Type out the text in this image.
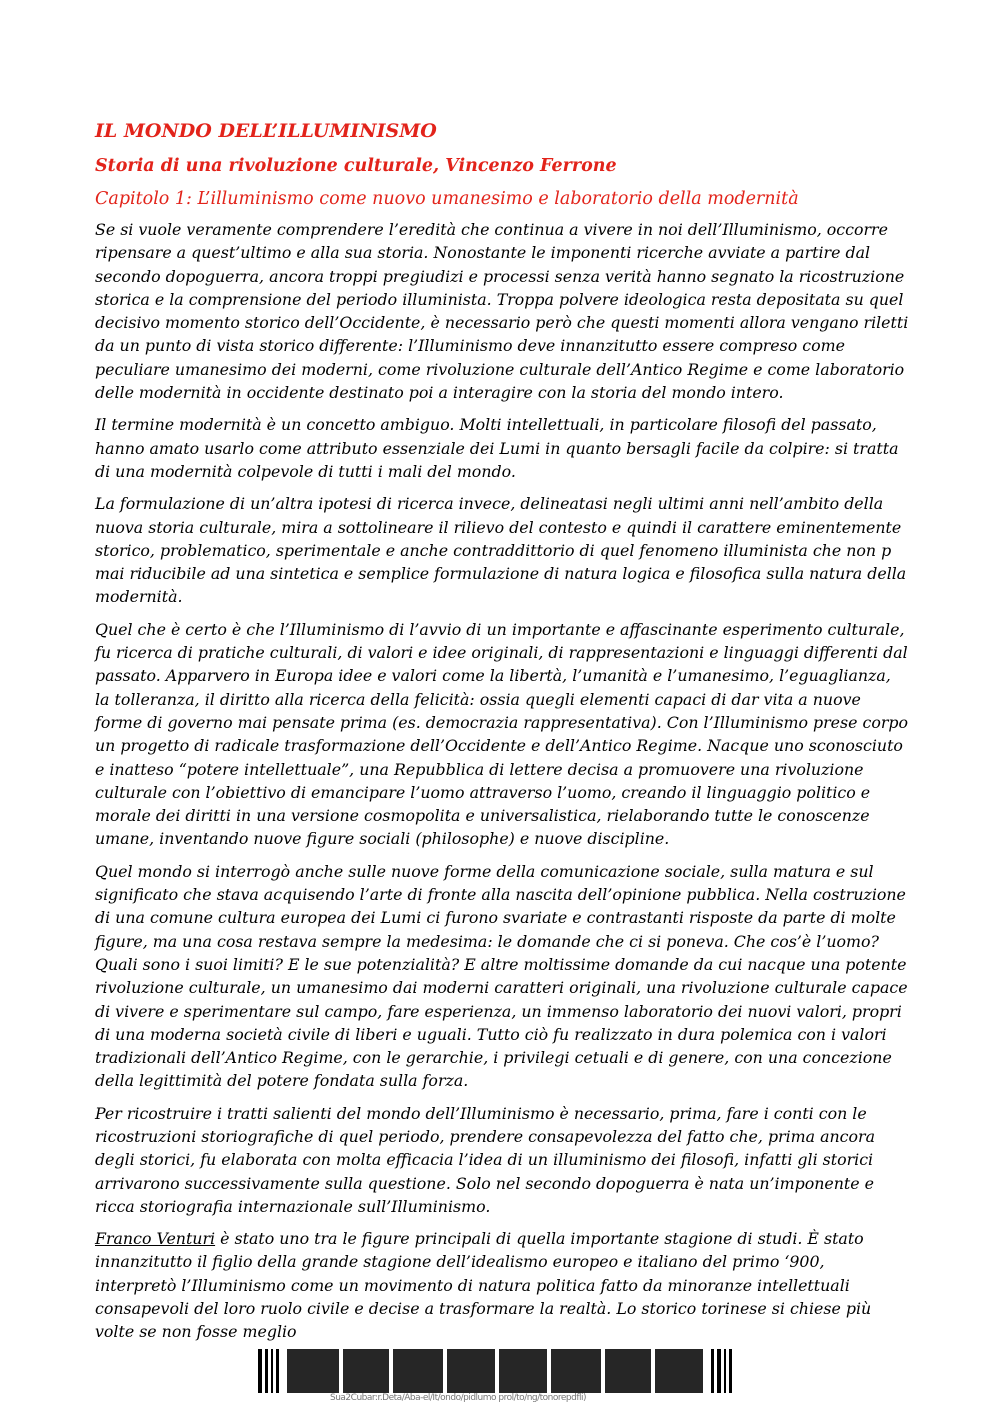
IL MONDO DELL’ILLUMINISMO
Storia di una rivoluzione culturale, Vincenzo Ferrone
Capitolo 1: L’illuminismo come nuovo umanesimo e laboratorio della modernità

Se si vuole veramente comprendere l’eredità che continua a vivere in noi dell’Illuminismo, occorre ripensare a quest’ultimo e alla sua storia. Nonostante le imponenti ricerche avviate a partire dal secondo dopoguerra, ancora troppi pregiudizi e processi senza verità hanno segnato la ricostruzione storica e la comprensione del periodo illuminista. Troppa polvere ideologica resta depositata su quel decisivo momento storico dell’Occidente, è necessario però che questi momenti allora vengano riletti da un punto di vista storico differente: l’Illuminismo deve innanzitutto essere compreso come peculiare umanesimo dei moderni, come rivoluzione culturale dell’Antico Regime e come laboratorio delle modernità in occidente destinato poi a interagire con la storia del mondo intero.

Il termine modernità è un concetto ambiguo. Molti intellettuali, in particolare filosofi del passato, hanno amato usarlo come attributo essenziale dei Lumi in quanto bersagli facile da colpire: si tratta di una modernità colpevole di tutti i mali del mondo.

La formulazione di un’altra ipotesi di ricerca invece, delineatasi negli ultimi anni nell’ambito della nuova storia culturale, mira a sottolineare il rilievo del contesto e quindi il carattere eminentemente storico, problematico, sperimentale e anche contraddittorio di quel fenomeno illuminista che non p mai riducibile ad una sintetica e semplice formulazione di natura logica e filosofica sulla natura della modernità.

Quel che è certo è che l’Illuminismo di l’avvio di un importante e affascinante esperimento culturale, fu ricerca di pratiche culturali, di valori e idee originali, di rappresentazioni e linguaggi differenti dal passato. Apparvero in Europa idee e valori come la libertà, l’umanità e l’umanesimo, l’eguaglianza, la tolleranza, il diritto alla ricerca della felicità: ossia quegli elementi capaci di dar vita a nuove forme di governo mai pensate prima (es. democrazia rappresentativa). Con l’Illuminismo prese corpo un progetto di radicale trasformazione dell’Occidente e dell’Antico Regime. Nacque uno sconosciuto e inatteso “potere intellettuale”, una Repubblica di lettere decisa a promuovere una rivoluzione culturale con l’obiettivo di emancipare l’uomo attraverso l’uomo, creando il linguaggio politico e morale dei diritti in una versione cosmopolita e universalistica, rielaborando tutte le conoscenze umane, inventando nuove figure sociali (philosophe) e nuove discipline.

Quel mondo si interrogò anche sulle nuove forme della comunicazione sociale, sulla matura e sul significato che stava acquisendo l’arte di fronte alla nascita dell’opinione pubblica. Nella costruzione di una comune cultura europea dei Lumi ci furono svariate e contrastanti risposte da parte di molte figure, ma una cosa restava sempre la medesima: le domande che ci si poneva. Che cos’è l’uomo? Quali sono i suoi limiti? E le sue potenzialità? E altre moltissime domande da cui nacque una potente rivoluzione culturale, un umanesimo dai moderni caratteri originali, una rivoluzione culturale capace di vivere e sperimentare sul campo, fare esperienza, un immenso laboratorio dei nuovi valori, propri di una moderna società civile di liberi e uguali. Tutto ciò fu realizzato in dura polemica con i valori tradizionali dell’Antico Regime, con le gerarchie, i privilegi cetuali e di genere, con una concezione della legittimità del potere fondata sulla forza.

Per ricostruire i tratti salienti del mondo dell’Illuminismo è necessario, prima, fare i conti con le ricostruzioni storiografiche di quel periodo, prendere consapevolezza del fatto che, prima ancora degli storici, fu elaborata con molta efficacia l’idea di un illuminismo dei filosofi, infatti gli storici arrivarono successivamente sulla questione. Solo nel secondo dopoguerra è nata un’imponente e ricca storiografia internazionale sull’Illuminismo.

Franco Venturi è stato uno tra le figure principali di quella importante stagione di studi. È stato innanzitutto il figlio della grande stagione dell’idealismo europeo e italiano del primo ‘900, interpretò l’Illuminismo come un movimento di natura politica fatto da minoranze intellettuali consapevoli del loro ruolo civile e decise a trasformare la realtà. Lo storico torinese si chiese più volte se non fosse meglio

Sua2Cubar:r.Deta/Aba-el/It/ondo/pidlumo prol/to/ng/tonorepdfli)
